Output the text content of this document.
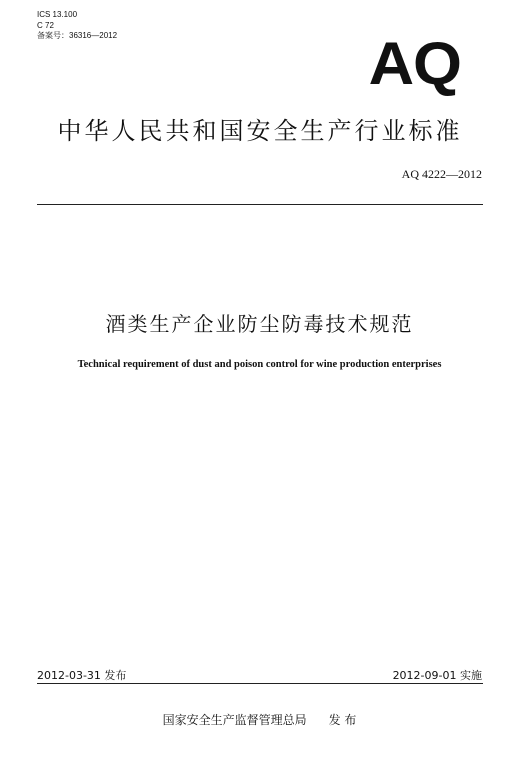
ICS 13.100
C 72
备案号：36316—2012	AQ
中华人民共和国安全生产行业标准
AQ 4222—2012
酒类生产企业防尘防毒技术规范
Technical requirement of dust and poison control for wine production enterprises
2012-03-31 发布	2012-09-01 实施
国家安全生产监督管理总局 发 布
